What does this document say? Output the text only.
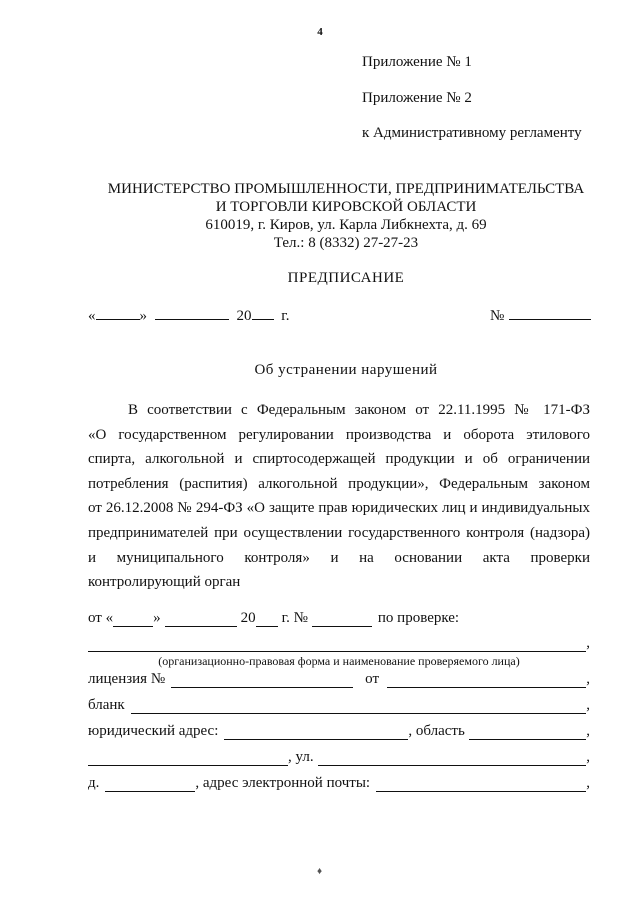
4
Приложение № 1
Приложение № 2
к Административному регламенту
МИНИСТЕРСТВО ПРОМЫШЛЕННОСТИ, ПРЕДПРИНИМАТЕЛЬСТВА
И ТОРГОВЛИ КИРОВСКОЙ ОБЛАСТИ
610019, г. Киров, ул. Карла Либкнехта, д. 69
Тел.: 8 (8332) 27-27-23
ПРЕДПИСАНИЕ
«	»	20 г.	№
Об устранении нарушений
В соответствии с Федеральным законом от 22.11.1995 № 171-ФЗ
«О государственном регулировании производства и оборота этилового
спирта, алкогольной и спиртосодержащей продукции и об ограничении
потребления (распития) алкогольной продукции», Федеральным законом
от 26.12.2008 № 294-ФЗ «О защите прав юридических лиц и индивидуальных
предпринимателей при осуществлении государственного контроля (надзора)
и муниципального контроля» и на основании акта проверки
контролирующий орган
от «	»	20 г. №	по проверке:
,
(организационно-правовая форма и наименование проверяемого лица)
лицензия №	от	,
бланк	,
юридический адрес:	, область	,
, ул.	,
д.	, адрес электронной почты:	,
♦
